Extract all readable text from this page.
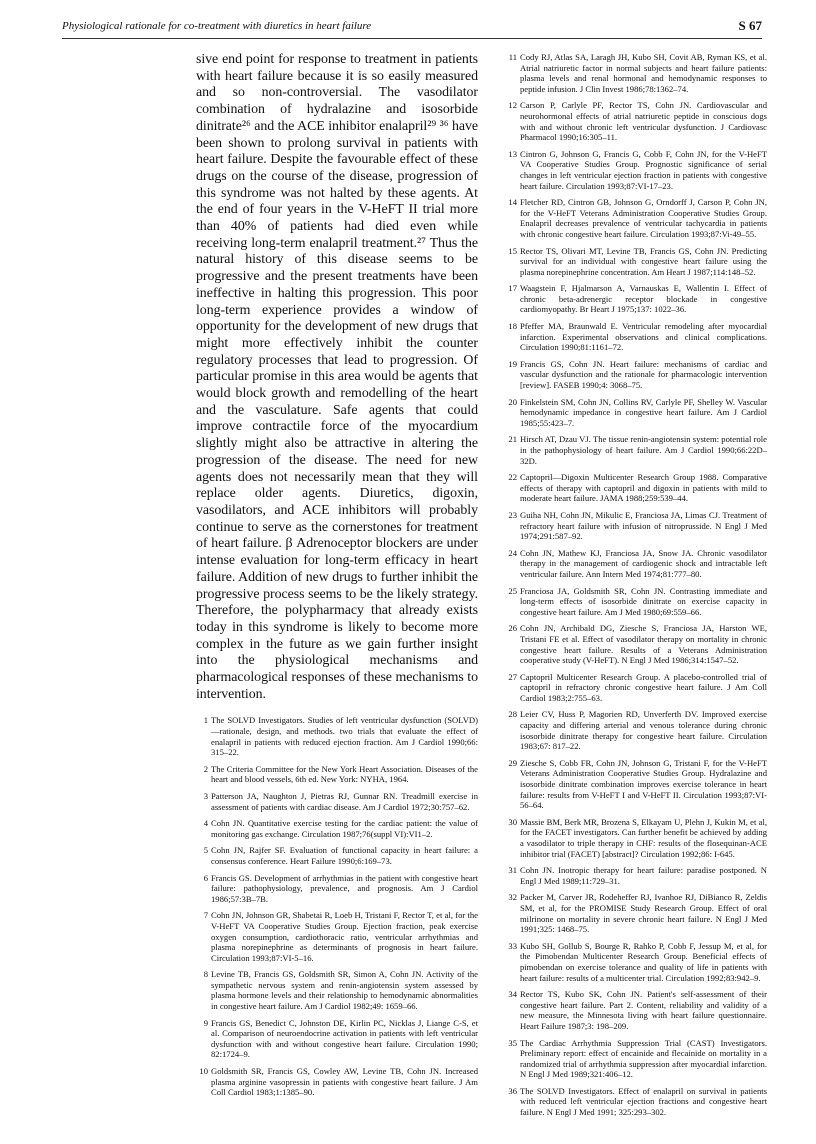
Physiological rationale for co-treatment with diuretics in heart failure	S 67

sive end point for response to treatment in patients with heart failure because it is so easily measured and so non-controversial. The vasodilator combination of hydralazine and isosorbide dinitrate²⁶ and the ACE inhibitor enalapril²⁹ ³⁶ have been shown to prolong survival in patients with heart failure. Despite the favourable effect of these drugs on the course of the disease, progression of this syndrome was not halted by these agents. At the end of four years in the V-HeFT II trial more than 40% of patients had died even while receiving long-term enalapril treatment.²⁷ Thus the natural history of this disease seems to be progressive and the present treatments have been ineffective in halting this progression. This poor long-term experience provides a window of opportunity for the development of new drugs that might more effectively inhibit the counter regulatory processes that lead to progression. Of particular promise in this area would be agents that would block growth and remodelling of the heart and the vasculature. Safe agents that could improve contractile force of the myocardium slightly might also be attractive in altering the progression of the disease. The need for new agents does not necessarily mean that they will replace older agents. Diuretics, digoxin, vasodilators, and ACE inhibitors will probably continue to serve as the cornerstones for treatment of heart failure. β Adrenoceptor blockers are under intense evaluation for long-term efficacy in heart failure. Addition of new drugs to further inhibit the progressive process seems to be the likely strategy. Therefore, the polypharmacy that already exists today in this syndrome is likely to become more complex in the future as we gain further insight into the physiological mechanisms and pharmacological responses of these mechanisms to intervention.

1 The SOLVD Investigators. Studies of left ventricular dysfunction (SOLVD)—rationale, design, and methods. two trials that evaluate the effect of enalapril in patients with reduced ejection fraction. Am J Cardiol 1990;66: 315–22.
2 The Criteria Committee for the New York Heart Association. Diseases of the heart and blood vessels, 6th ed. New York: NYHA, 1964.
3 Patterson JA, Naughton J, Pietras RJ, Gunnar RN. Treadmill exercise in assessment of patients with cardiac disease. Am J Cardiol 1972;30:757–62.
4 Cohn JN. Quantitative exercise testing for the cardiac patient: the value of monitoring gas exchange. Circulation 1987;76(suppl VI):VI1–2.
5 Cohn JN, Rajfer SF. Evaluation of functional capacity in heart failure: a consensus conference. Heart Failure 1990;6:169–73.
6 Francis GS. Development of arrhythmias in the patient with congestive heart failure: pathophysiology, prevalence, and prognosis. Am J Cardiol 1986;57:3B–7B.
7 Cohn JN, Johnson GR, Shabetai R, Loeb H, Tristani F, Rector T, et al, for the V-HeFT VA Cooperative Studies Group. Ejection fraction, peak exercise oxygen consumption, cardiothoracic ratio, ventricular arrhythmias and plasma norepinephrine as determinants of prognosis in heart failure. Circulation 1993;87:VI-5–16.
8 Levine TB, Francis GS, Goldsmith SR, Simon A, Cohn JN. Activity of the sympathetic nervous system and renin-angiotensin system assessed by plasma hormone levels and their relationship to hemodynamic abnormalities in congestive heart failure. Am J Cardiol 1982;49: 1659–66.
9 Francis GS, Benedict C, Johnston DE, Kirlin PC, Nicklas J, Liange C-S, et al. Comparison of neuroendocrine activation in patients with left ventricular dysfunction with and without congestive heart failure. Circulation 1990; 82:1724–9.
10 Goldsmith SR, Francis GS, Cowley AW, Levine TB, Cohn JN. Increased plasma arginine vasopressin in patients with congestive heart failure. J Am Coll Cardiol 1983;1:1385–90.
11 Cody RJ, Atlas SA, Laragh JH, Kubo SH, Covit AB, Ryman KS, et al. Atrial natriuretic factor in normal subjects and heart failure patients: plasma levels and renal hormonal and hemodynamic responses to peptide infusion. J Clin Invest 1986;78:1362–74.
12 Carson P, Carlyle PF, Rector TS, Cohn JN. Cardiovascular and neurohormonal effects of atrial natriuretic peptide in conscious dogs with and without chronic left ventricular dysfunction. J Cardiovasc Pharmacol 1990;16:305–11.
13 Cintron G, Johnson G, Francis G, Cobb F, Cohn JN, for the V-HeFT VA Cooperative Studies Group. Prognostic significance of serial changes in left ventricular ejection fraction in patients with congestive heart failure. Circulation 1993;87:VI-17–23.
14 Fletcher RD, Cintron GB, Johnson G, Orndorff J, Carson P, Cohn JN, for the V-HeFT Veterans Administration Cooperative Studies Group. Enalapril decreases prevalence of ventricular tachycardia in patients with chronic congestive heart failure. Circulation 1993;87:Vi-49–55.
15 Rector TS, Olivari MT, Levine TB, Francis GS, Cohn JN. Predicting survival for an individual with congestive heart failure using the plasma norepinephrine concentration. Am Heart J 1987;114:148–52.
17 Waagstein F, Hjalmarson A, Varnauskas E, Wallentin I. Effect of chronic beta-adrenergic receptor blockade in congestive cardiomyopathy. Br Heart J 1975;137: 1022–36.
18 Pfeffer MA, Braunwald E. Ventricular remodeling after myocardial infarction. Experimental observations and clinical complications. Circulation 1990;81:1161–72.
19 Francis GS, Cohn JN. Heart failure: mechanisms of cardiac and vascular dysfunction and the rationale for pharmacologic intervention [review]. FASEB 1990;4: 3068–75.
20 Finkelstein SM, Cohn JN, Collins RV, Carlyle PF, Shelley W. Vascular hemodynamic impedance in congestive heart failure. Am J Cardiol 1985;55:423–7.
21 Hirsch AT, Dzau VJ. The tissue renin-angiotensin system: potential role in the pathophysiology of heart failure. Am J Cardiol 1990;66:22D–32D.
22 Captopril—Digoxin Multicenter Research Group 1988. Comparative effects of therapy with captopril and digoxin in patients with mild to moderate heart failure. JAMA 1988;259:539–44.
23 Guiha NH, Cohn JN, Mikulic E, Franciosa JA, Limas CJ. Treatment of refractory heart failure with infusion of nitroprusside. N Engl J Med 1974;291:587–92.
24 Cohn JN, Mathew KJ, Franciosa JA, Snow JA. Chronic vasodilator therapy in the management of cardiogenic shock and intractable left ventricular failure. Ann Intern Med 1974;81:777–80.
25 Franciosa JA, Goldsmith SR, Cohn JN. Contrasting immediate and long-term effects of isosorbide dinitrate on exercise capacity in congestive heart failure. Am J Med 1980;69:559–66.
26 Cohn JN, Archibald DG, Ziesche S, Franciosa JA, Harston WE, Tristani FE et al. Effect of vasodilator therapy on mortality in chronic congestive heart failure. Results of a Veterans Administration cooperative study (V-HeFT). N Engl J Med 1986;314:1547–52.
27 Captopril Multicenter Research Group. A placebo-controlled trial of captopril in refractory chronic congestive heart failure. J Am Coll Cardiol 1983;2:755–63.
28 Leier CV, Huss P, Magorien RD, Unverferth DV. Improved exercise capacity and differing arterial and venous tolerance during chronic isosorbide dinitrate therapy for congestive heart failure. Circulation 1983;67: 817–22.
29 Ziesche S, Cobb FR, Cohn JN, Johnson G, Tristani F, for the V-HeFT Veterans Administration Cooperative Studies Group. Hydralazine and isosorbide dinitrate combination improves exercise tolerance in heart failure: results from V-HeFT I and V-HeFT II. Circulation 1993;87:VI-56–64.
30 Massie BM, Berk MR, Brozena S, Elkayam U, Plehn J, Kukin M, et al, for the FACET investigators. Can further benefit be achieved by adding a vasodilator to triple therapy in CHF: results of the flosequinan-ACE inhibitor trial (FACET) [abstract]? Circulation 1992;86: I-645.
31 Cohn JN. Inotropic therapy for heart failure: paradise postponed. N Engl J Med 1989;11:729–31.
32 Packer M, Carver JR, Rodeheffer RJ, Ivanhoe RJ, DiBianco R, Zeldis SM, et al, for the PROMISE Study Research Group. Effect of oral milrinone on mortality in severe chronic heart failure. N Engl J Med 1991;325: 1468–75.
33 Kubo SH, Gollub S, Bourge R, Rahko P, Cobb F, Jessup M, et al, for the Pimobendan Multicenter Research Group. Beneficial effects of pimobendan on exercise tolerance and quality of life in patients with heart failure: results of a multicenter trial. Circulation 1992;83:942–9.
34 Rector TS, Kubo SK, Cohn JN. Patient's self-assessment of their congestive heart failure. Part 2. Content, reliability and validity of a new measure, the Minnesota living with heart failure questionnaire. Heart Failure 1987;3: 198–209.
35 The Cardiac Arrhythmia Suppression Trial (CAST) Investigators. Preliminary report: effect of encainide and flecainide on mortality in a randomized trial of arrhythmia suppression after myocardial infarction. N Engl J Med 1989;321:406–12.
36 The SOLVD Investigators. Effect of enalapril on survival in patients with reduced left ventricular ejection fractions and congestive heart failure. N Engl J Med 1991; 325:293–302.
